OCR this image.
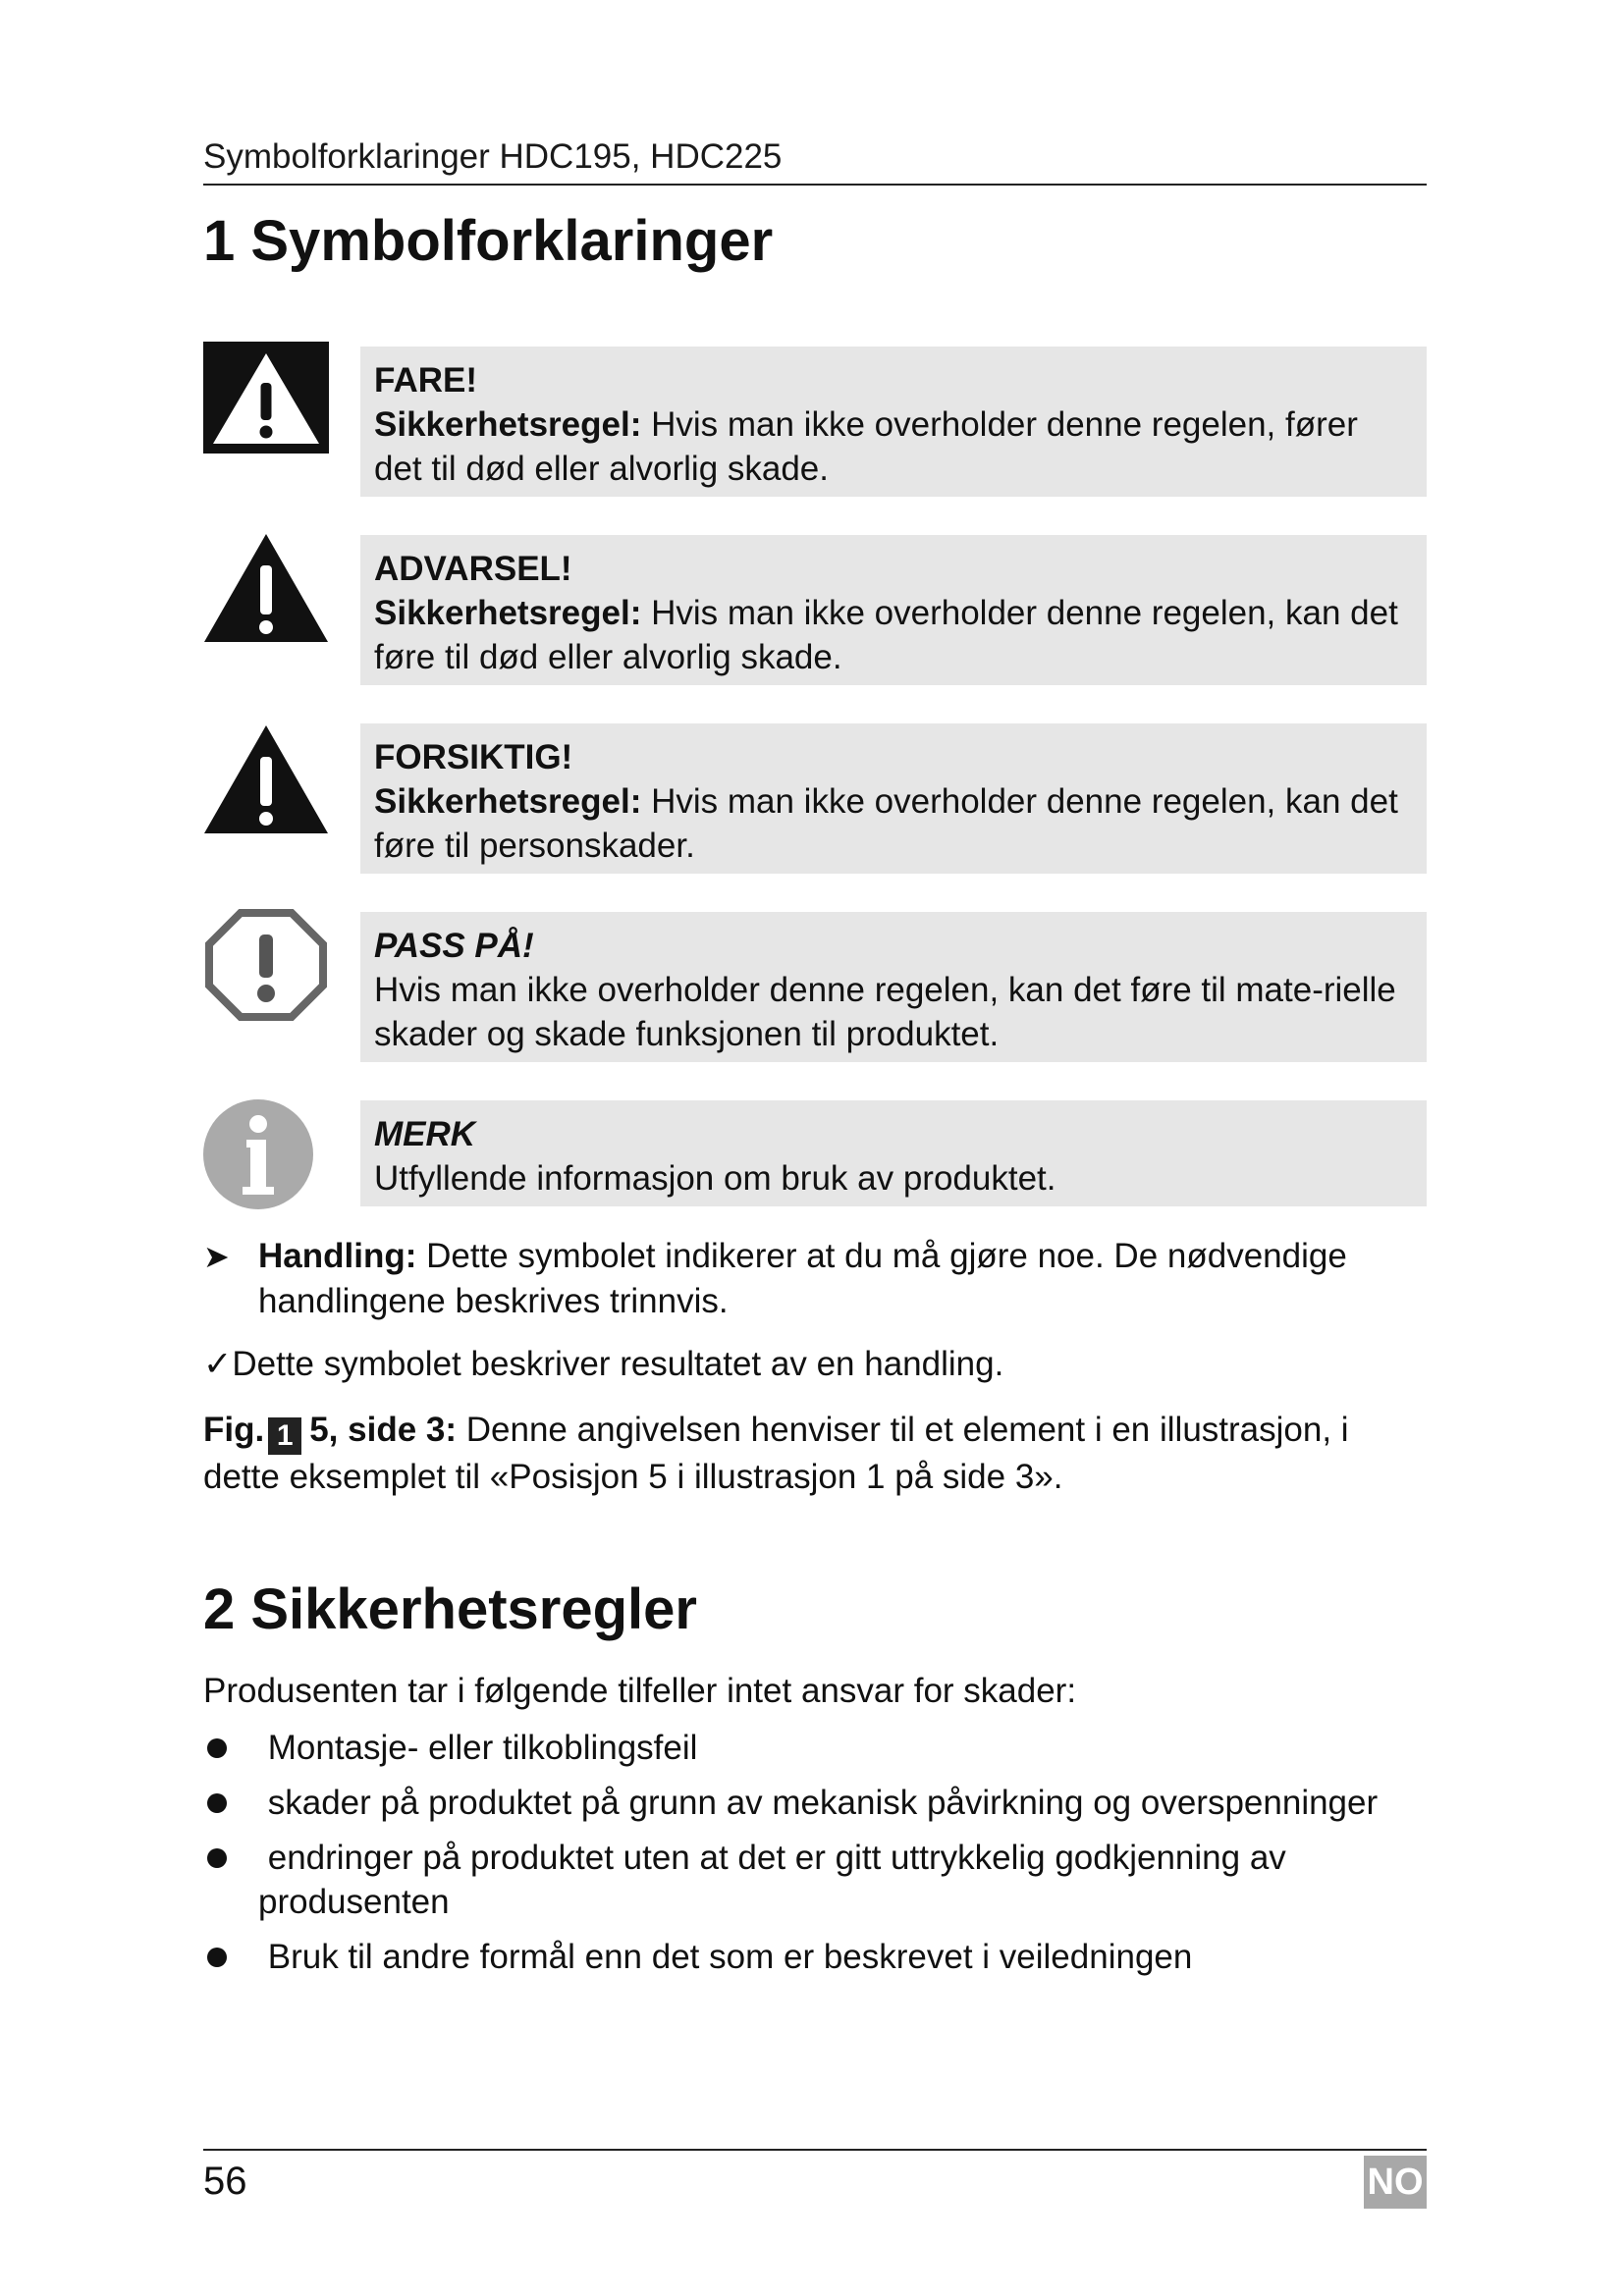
Symbolforklaringer HDC195, HDC225
1 Symbolforklaringer
FARE!
Sikkerhetsregel: Hvis man ikke overholder denne regelen, fører det til død eller alvorlig skade.
ADVARSEL!
Sikkerhetsregel: Hvis man ikke overholder denne regelen, kan det føre til død eller alvorlig skade.
FORSIKTIG!
Sikkerhetsregel: Hvis man ikke overholder denne regelen, kan det føre til personskader.
PASS PÅ!
Hvis man ikke overholder denne regelen, kan det føre til mate-rielle skader og skade funksjonen til produktet.
MERK
Utfyllende informasjon om bruk av produktet.
➤ Handling: Dette symbolet indikerer at du må gjøre noe. De nødvendige handlingene beskrives trinnvis.
✓Dette symbolet beskriver resultatet av en handling.
Fig. 1 5, side 3: Denne angivelsen henviser til et element i en illustrasjon, i dette eksemplet til «Posisjon 5 i illustrasjon 1 på side 3».
2 Sikkerhetsregler
Produsenten tar i følgende tilfeller intet ansvar for skader:
Montasje- eller tilkoblingsfeil
skader på produktet på grunn av mekanisk påvirkning og overspenninger
endringer på produktet uten at det er gitt uttrykkelig godkjenning av produsenten
Bruk til andre formål enn det som er beskrevet i veiledningen
56	NO
